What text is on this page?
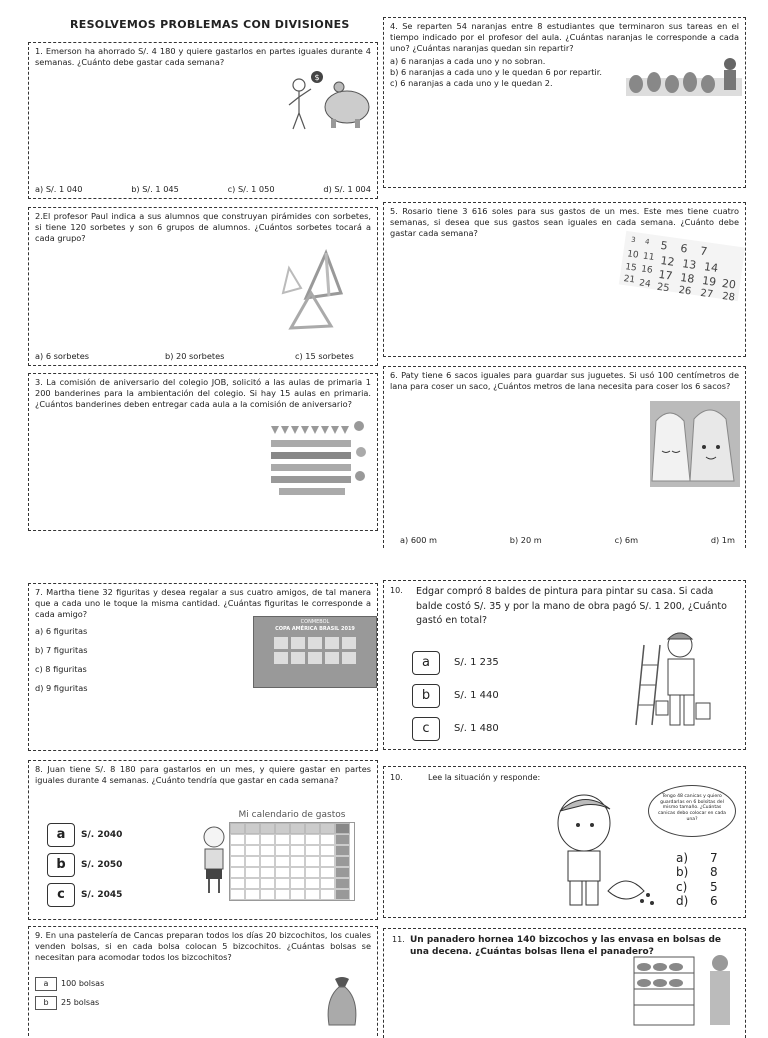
RESOLVEMOS PROBLEMAS CON DIVISIONES

1. Emerson ha ahorrado S/. 4 180 y quiere gastarlos en partes iguales durante 4 semanas. ¿Cuánto debe gastar cada semana?

$
a) S/. 1 040	b) S/. 1 045	c) S/. 1 050	d) S/. 1 004

2.El profesor Paul indica a sus alumnos que construyan pirámides con sorbetes, si tiene 120 sorbetes y son 6 grupos de alumnos. ¿Cuántos sorbetes tocará a cada grupo?

a) 6 sorbetes	b) 20 sorbetes	c) 15 sorbetes

3. La comisión de aniversario del colegio JOB, solicitó a las aulas de primaria 1 200 banderines para la ambientación del colegio. Si hay 15 aulas en primaria. ¿Cuántos banderines deben entregar cada aula a la comisión de aniversario?

4. Se reparten 54 naranjas entre 8 estudiantes que terminaron sus tareas en el tiempo indicado por el profesor del aula. ¿Cuántas naranjas le corresponde a cada uno? ¿Cuántas naranjas quedan sin repartir?

a) 6 naranjas a cada uno y no sobran.
b) 6 naranjas a cada uno y le quedan 6 por repartir.
c) 6 naranjas a cada uno y le quedan 2.

5. Rosario tiene 3 616 soles para sus gastos de un mes. Este mes tiene cuatro semanas, si desea que sus gastos sean iguales en cada semana. ¿Cuánto debe gastar cada semana?

3 4 5 6 7
10 11 12 13 14
15 16 17 18 19 20
21 24 25 26 27 28

6. Paty tiene 6 sacos iguales para guardar sus juguetes. Si usó 100 centímetros de lana para coser un saco, ¿Cuántos metros de lana necesita para coser los 6 sacos?

a) 600 m	b) 20 m	c) 6m	d) 1m

7. Martha tiene 32 figuritas y desea regalar a sus cuatro amigos, de tal manera que a cada uno le toque la misma cantidad. ¿Cuántas figuritas le corresponde a cada amigo?

a) 6 figuritas
b) 7 figuritas
c) 8 figuritas
d) 9 figuritas
CONMEBOL
COPA AMÉRICA BRASIL 2019

8. Juan tiene S/. 8 180 para gastarlos en un mes, y quiere gastar en partes iguales durante 4 semanas. ¿Cuánto tendría que gastar en cada semana?

a	S/. 2040
b	S/. 2050
c	S/. 2045
Mi calendario de gastos

9. En una pastelería de Cancas preparan todos los días 20 bizcochitos, los cuales venden bolsas, si en cada bolsa colocan 5 bizcochitos. ¿Cuántas bolsas se necesitan para acomodar todos los bizcochitos?

a 100 bolsas
b 25 bolsas
10.	Edgar compró 8 baldes de pintura para pintar su casa. Si cada balde costó S/. 35 y por la mano de obra pagó S/. 1 200, ¿Cuánto gastó en total?
a	S/. 1 235
b	S/. 1 440
c	S/. 1 480
10.	Lee la situación y responde:
Tengo 48 canicas y quiero guardarlas en 6 bolsitas del mismo tamaño. ¿Cuántas canicas debo colocar en cada una?
a) 7
b) 8
c) 5
d) 6
11. Un panadero hornea 140 bizcochos y las envasa en bolsas de una decena. ¿Cuántas bolsas llena el panadero?
